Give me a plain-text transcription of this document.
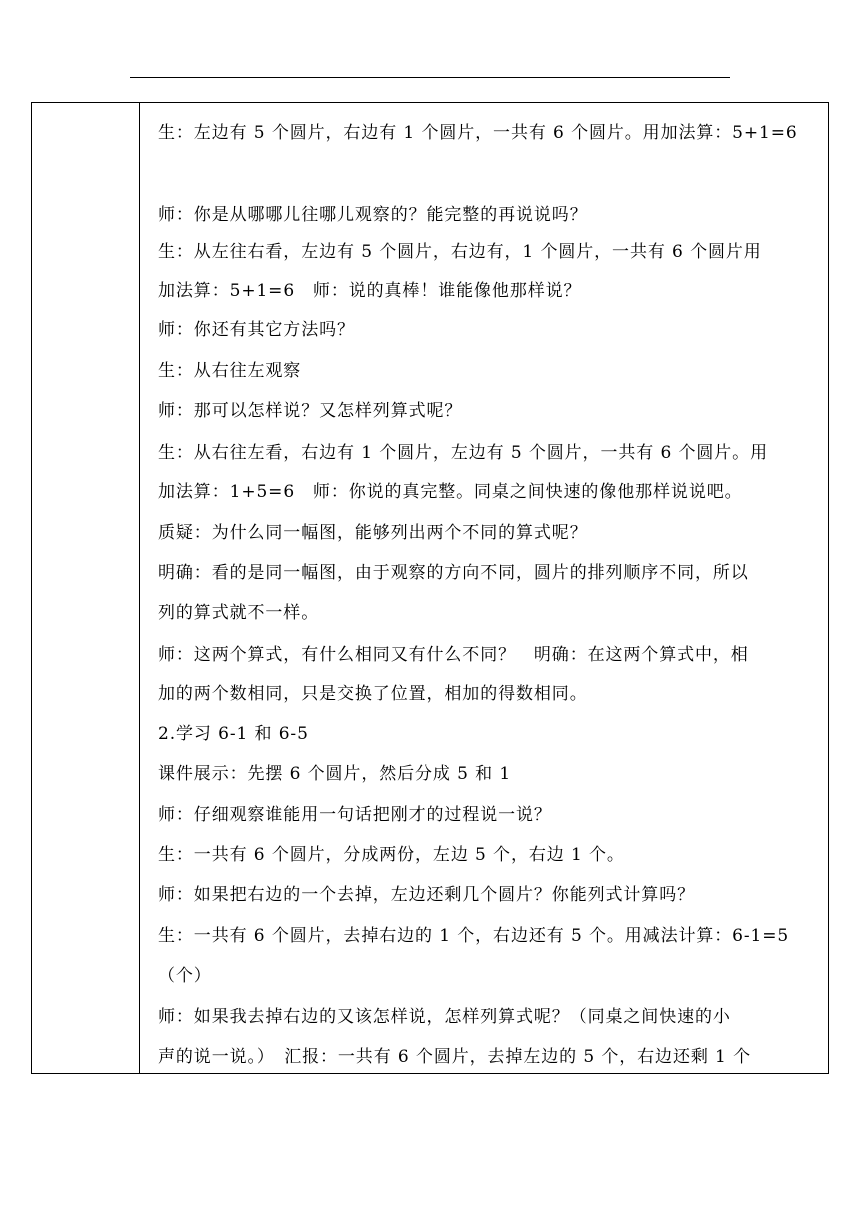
生：左边有 5 个圆片，右边有 1 个圆片，一共有 6 个圆片。用加法算：5+1=6
师：你是从哪哪儿往哪儿观察的？能完整的再说说吗？
生：从左往右看，左边有 5 个圆片，右边有，1 个圆片，一共有 6 个圆片用
加法算：5+1=6　师：说的真棒！谁能像他那样说？
师：你还有其它方法吗？
生：从右往左观察
师：那可以怎样说？又怎样列算式呢？
生：从右往左看，右边有 1 个圆片，左边有 5 个圆片，一共有 6 个圆片。用
加法算：1+5=6　师：你说的真完整。同桌之间快速的像他那样说说吧。
质疑：为什么同一幅图，能够列出两个不同的算式呢？
明确：看的是同一幅图，由于观察的方向不同，圆片的排列顺序不同，所以
列的算式就不一样。
师：这两个算式，有什么相同又有什么不同？　明确：在这两个算式中，相
加的两个数相同，只是交换了位置，相加的得数相同。
2.学习 6-1 和 6-5
课件展示：先摆 6 个圆片，然后分成 5 和 1
师：仔细观察谁能用一句话把刚才的过程说一说？
生：一共有 6 个圆片，分成两份，左边 5 个，右边 1 个。
师：如果把右边的一个去掉，左边还剩几个圆片？你能列式计算吗？
生：一共有 6 个圆片，去掉右边的 1 个，右边还有 5 个。用减法计算：6-1=5
（个）
师：如果我去掉右边的又该怎样说，怎样列算式呢？（同桌之间快速的小
声的说一说。）　汇报：一共有 6 个圆片，去掉左边的 5 个，右边还剩 1 个
